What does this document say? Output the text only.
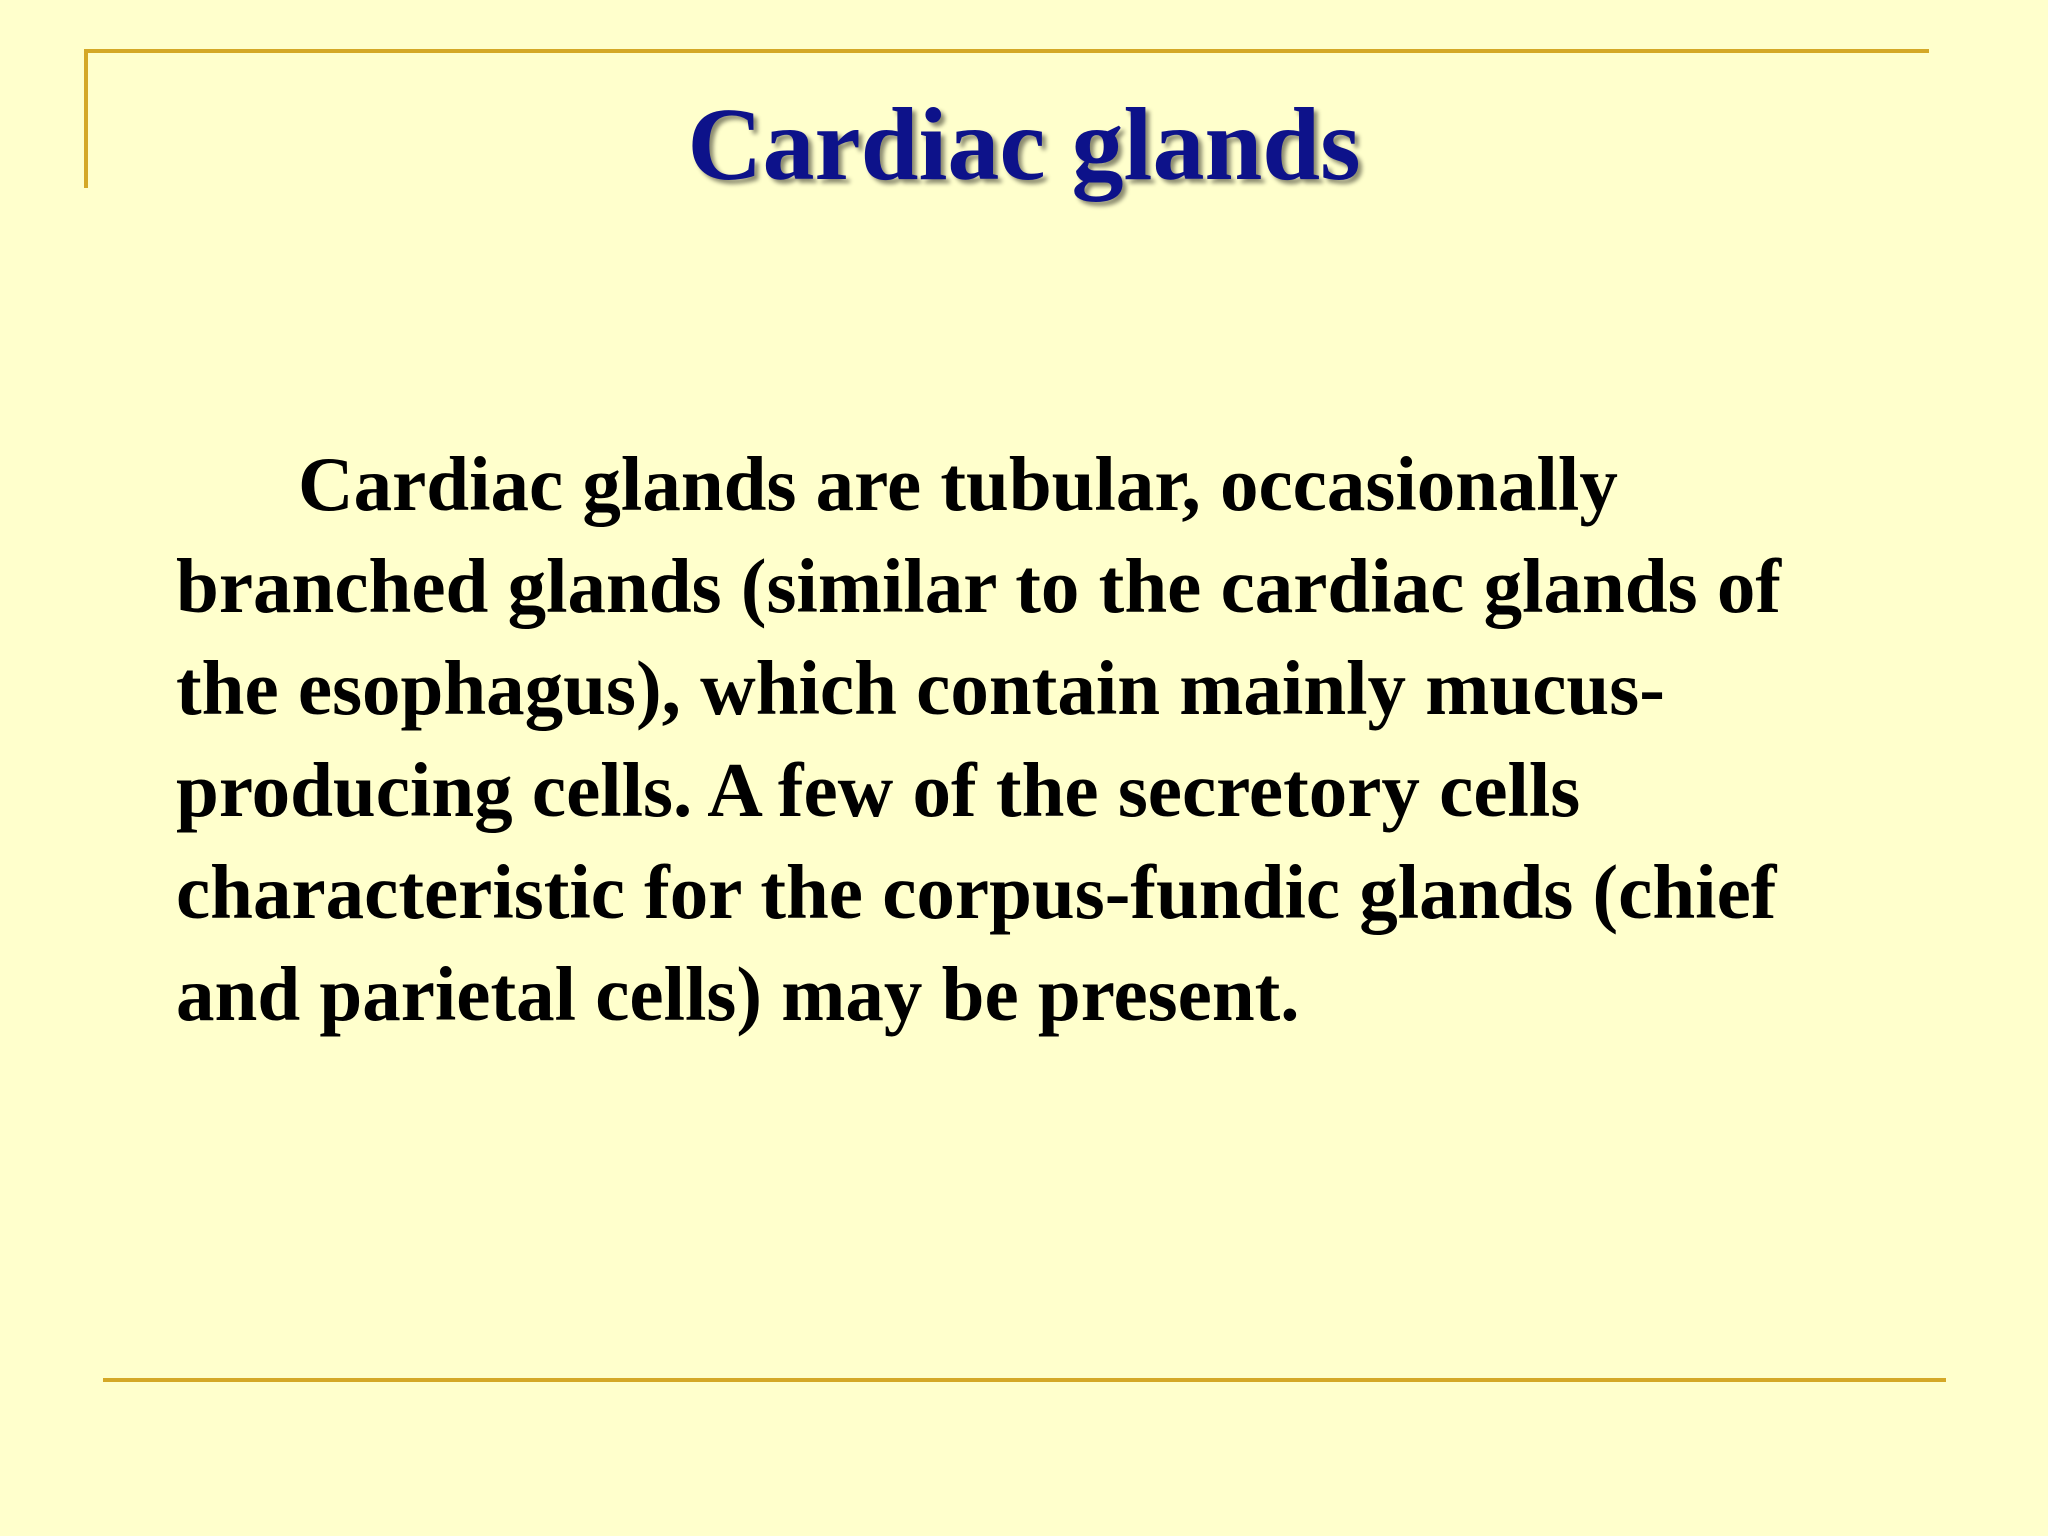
Cardiac glands

Cardiac glands are tubular, occasionally branched glands (similar to the cardiac glands of the esophagus), which contain mainly mucus-producing cells. A few of the secretory cells characteristic for the corpus-fundic glands (chief and parietal cells) may be present.
